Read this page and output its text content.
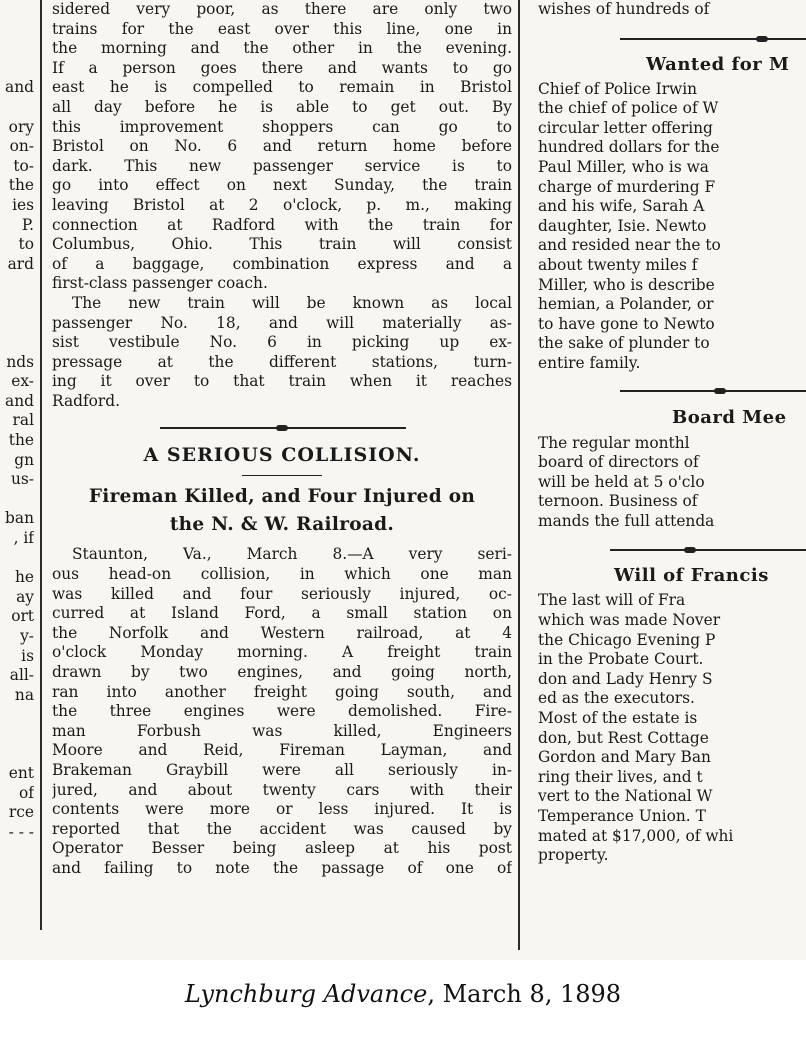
and
ory
on-
to-
the
ies
P.
to
ard
nds
ex-
and
ral
the
gn
us-
ban
, if
he
ay
ort
y-
is
all-
na
ent
of
rce
- - -
sidered very poor, as there are only two
trains for the east over this line, one in
the morning and the other in the evening.
If a person goes there and wants to go
east he is compelled to remain in Bristol
all day before he is able to get out. By
this improvement shoppers can go to
Bristol on No. 6 and return home before
dark. This new passenger service is to
go into effect on next Sunday, the train
leaving Bristol at 2 o'clock, p. m., making
connection at Radford with the train for
Columbus, Ohio. This train will consist
of a baggage, combination express and a
first-class passenger coach.
The new train will be known as local
passenger No. 18, and will materially as-
sist vestibule No. 6 in picking up ex-
pressage at the different stations, turn-
ing it over to that train when it reaches
Radford.
A SERIOUS COLLISION.
Fireman Killed, and Four Injured on
the N. & W. Railroad.
Staunton, Va., March 8.—A very seri-
ous head-on collision, in which one man
was killed and four seriously injured, oc-
curred at Island Ford, a small station on
the Norfolk and Western railroad, at 4
o'clock Monday morning. A freight train
drawn by two engines, and going north,
ran into another freight going south, and
the three engines were demolished. Fire-
man Forbush was killed, Engineers
Moore and Reid, Fireman Layman, and
Brakeman Graybill were all seriously in-
jured, and about twenty cars with their
contents were more or less injured. It is
reported that the accident was caused by
Operator Besser being asleep at his post
and failing to note the passage of one of
wishes of hundreds of
Wanted for M
Chief of Police Irwin
the chief of police of W
circular letter offering
hundred dollars for the
Paul Miller, who is wa
charge of murdering F
and his wife, Sarah A
daughter, Isie. Newto
and resided near the to
about twenty miles f
Miller, who is describe
hemian, a Polander, or
to have gone to Newto
the sake of plunder to
entire family.
Board Mee
The regular monthl
board of directors of
will be held at 5 o'clo
ternoon. Business of
mands the full attenda
Will of Francis
The last will of Fra
which was made Nover
the Chicago Evening P
in the Probate Court.
don and Lady Henry S
ed as the executors.
Most of the estate is
don, but Rest Cottage
Gordon and Mary Ban
ring their lives, and t
vert to the National W
Temperance Union. T
mated at $17,000, of whi
property.
Lynchburg Advance, March 8, 1898
